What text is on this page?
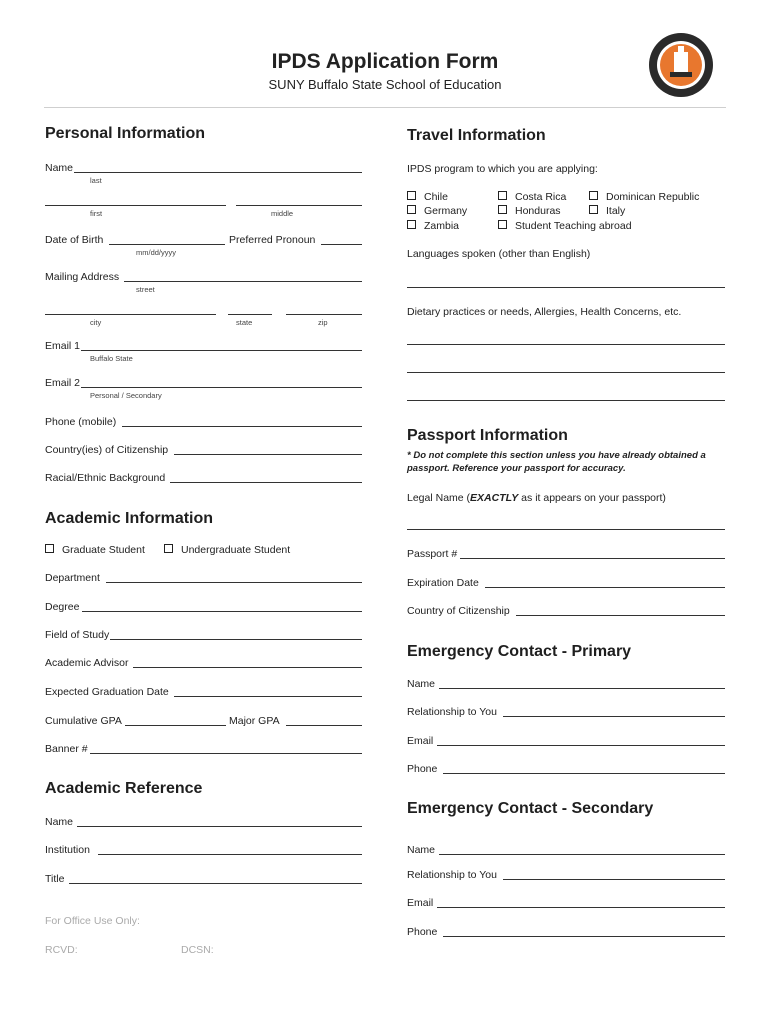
IPDS Application Form
SUNY Buffalo State School of Education
Personal Information
Name
last
first	middle
Date of Birth	Preferred Pronoun
mm/dd/yyyy
Mailing Address
street
city	state	zip
Email 1
Buffalo State
Email 2
Personal / Secondary
Phone (mobile)
Country(ies) of Citizenship
Racial/Ethnic Background
Academic Information
Graduate Student	Undergraduate Student
Department
Degree
Field of Study
Academic Advisor
Expected Graduation Date
Cumulative GPA	Major GPA
Banner #
Academic Reference
Name
Institution
Title
For Office Use Only:
RCVD:	DCSN:
Travel Information
IPDS program to which you are applying:
Chile	Costa Rica	Dominican Republic
Germany	Honduras	Italy
Zambia	Student Teaching abroad
Languages spoken (other than English)
Dietary practices or needs, Allergies, Health Concerns, etc.
Passport Information
* Do not complete this section unless you have already obtained a passport. Reference your passport for accuracy.
Legal Name (EXACTLY as it appears on your passport)
Passport #
Expiration Date
Country of Citizenship
Emergency Contact - Primary
Name
Relationship to You
Email
Phone
Emergency Contact - Secondary
Name
Relationship to You
Email
Phone
